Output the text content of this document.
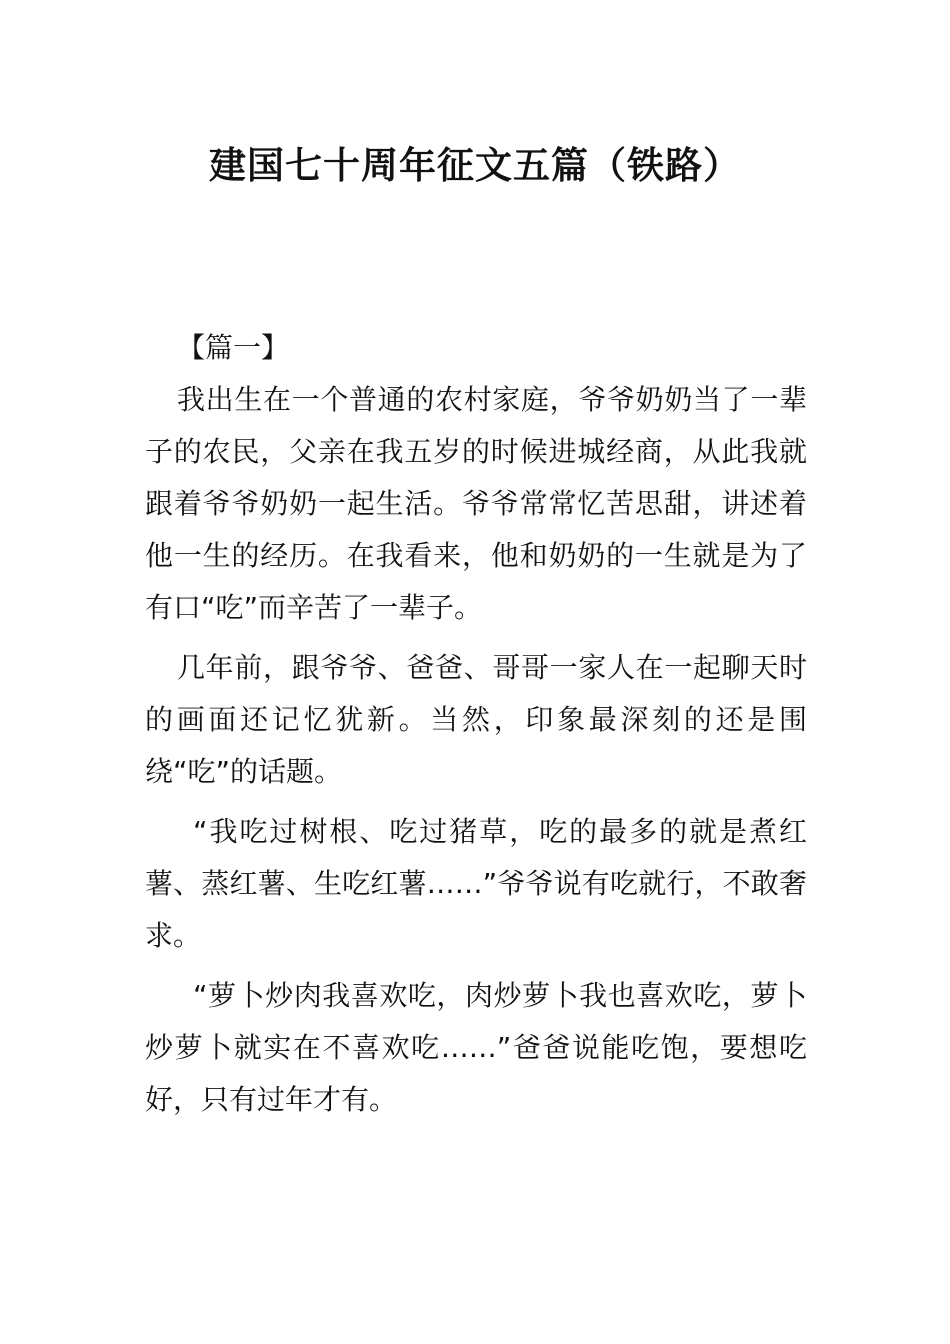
建国七十周年征文五篇（铁路）
【篇一】

我出生在一个普通的农村家庭，爷爷奶奶当了一辈子的农民，父亲在我五岁的时候进城经商，从此我就跟着爷爷奶奶一起生活。爷爷常常忆苦思甜，讲述着他一生的经历。在我看来，他和奶奶的一生就是为了有口“吃”而辛苦了一辈子。

几年前，跟爷爷、爸爸、哥哥一家人在一起聊天时的画面还记忆犹新。当然，印象最深刻的还是围绕“吃”的话题。

“我吃过树根、吃过猪草，吃的最多的就是煮红薯、蒸红薯、生吃红薯……”爷爷说有吃就行，不敢奢求。

“萝卜炒肉我喜欢吃，肉炒萝卜我也喜欢吃，萝卜炒萝卜就实在不喜欢吃……”爸爸说能吃饱，要想吃好，只有过年才有。
